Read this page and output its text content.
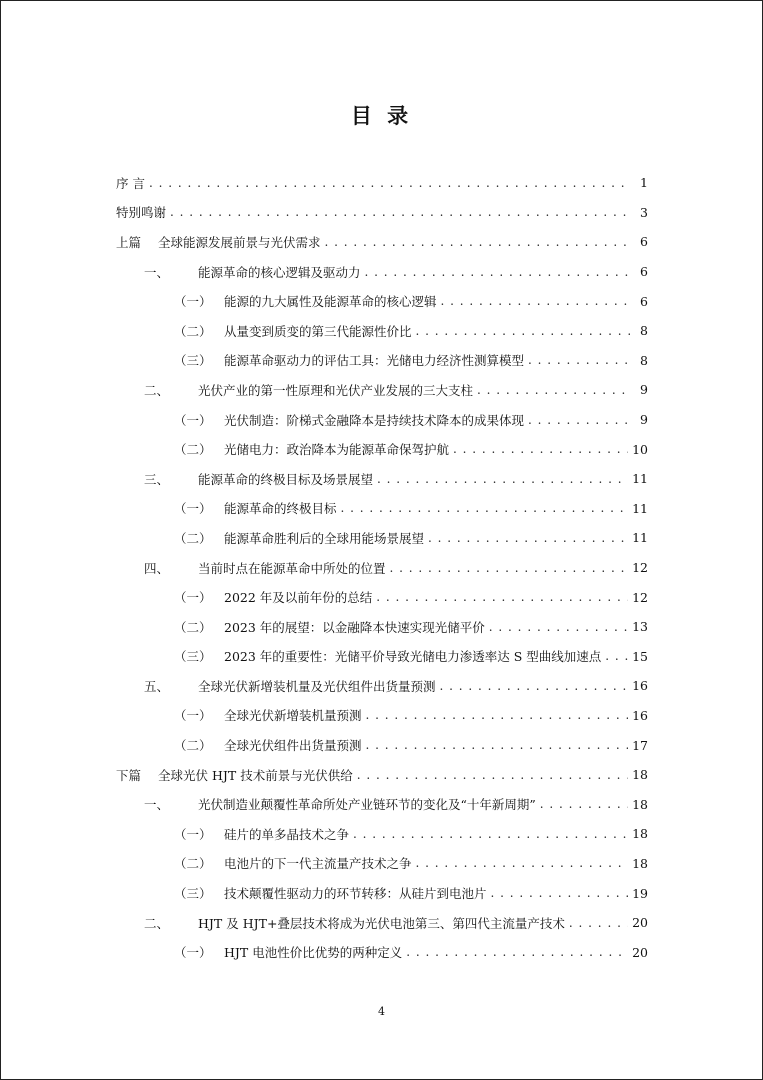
目 录
序 言 . . .	1
特别鸣谢 . . .	3
上篇	全球能源发展前景与光伏需求 . . .	6
一、	能源革命的核心逻辑及驱动力 . . .	6
（一） 能源的九大属性及能源革命的核心逻辑 . . .	6
（二） 从量变到质变的第三代能源性价比 . . .	8
（三） 能源革命驱动力的评估工具：光储电力经济性测算模型 . . .	8
二、	光伏产业的第一性原理和光伏产业发展的三大支柱 . . .	9
（一） 光伏制造：阶梯式金融降本是持续技术降本的成果体现 . . .	9
（二） 光储电力：政治降本为能源革命保驾护航 . . .	10
三、	能源革命的终极目标及场景展望 . . .	11
（一） 能源革命的终极目标 . . .	11
（二） 能源革命胜利后的全球用能场景展望 . . .	11
四、	当前时点在能源革命中所处的位置 . . .	12
（一） 2022 年及以前年份的总结 . . .	12
（二） 2023 年的展望：以金融降本快速实现光储平价 . . .	13
（三） 2023 年的重要性：光储平价导致光储电力渗透率达 S 型曲线加速点 . . . 15
五、	全球光伏新增装机量及光伏组件出货量预测 . . .	16
（一） 全球光伏新增装机量预测 . . .	16
（二） 全球光伏组件出货量预测 . . .	17
下篇	全球光伏 HJT 技术前景与光伏供给 . . .	18
一、	光伏制造业颠覆性革命所处产业链环节的变化及“十年新周期” . . .	18
（一） 硅片的单多晶技术之争 . . .	18
（二） 电池片的下一代主流量产技术之争 . . .	18
（三） 技术颠覆性驱动力的环节转移：从硅片到电池片 . . .	19
二、	HJT 及 HJT+叠层技术将成为光伏电池第三、第四代主流量产技术 . . .	20
（一） HJT 电池性价比优势的两种定义 . . .	20
4
